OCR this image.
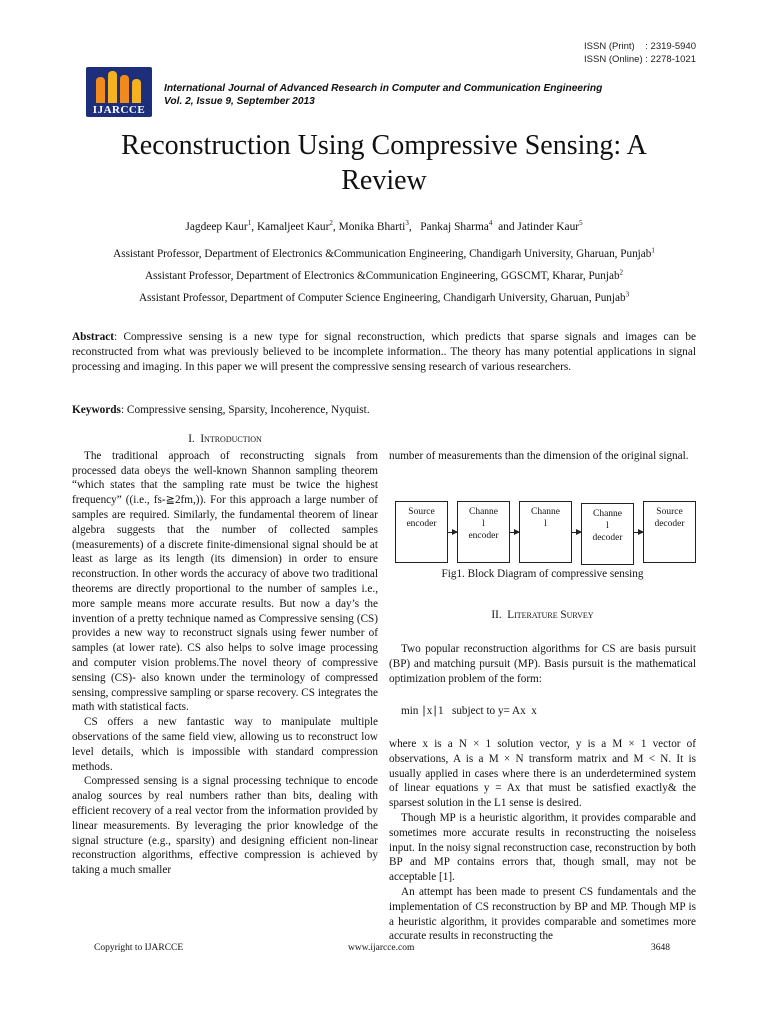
ISSN (Print) : 2319-5940
ISSN (Online) : 2278-1021
IJARCCE
International Journal of Advanced Research in Computer and Communication Engineering
Vol. 2, Issue 9, September 2013
Reconstruction Using Compressive Sensing: A
Review
Jagdeep Kaur$^1$, Kamaljeet Kaur$^2$, Monika Bharti$^3$,   Pankaj Sharma$^4$ and Jatinder Kaur$^5$
Assistant Professor, Department of Electronics &Communication Engineering, Chandigarh University, Gharuan, Punjab$^1$
Assistant Professor, Department of Electronics &Communication Engineering, GGSCMT, Kharar, Punjab$^2$
Assistant Professor, Department of Computer Science Engineering, Chandigarh University, Gharuan, Punjab$^3$
Abstract: Compressive sensing is a new type for signal reconstruction, which predicts that sparse signals and images can be reconstructed from what was previously believed to be incomplete information.. The theory has many potential applications in signal processing and imaging. In this paper we will present the compressive sensing research of various researchers.
Keywords: Compressive sensing, Sparsity, Incoherence, Nyquist.
I. Introduction

The traditional approach of reconstructing signals from processed data obeys the well-known Shannon sampling theorem “which states that the sampling rate must be twice the highest frequency” ((i.e., fs-≧2fm,)). For this approach a large number of samples are required. Similarly, the fundamental theorem of linear algebra suggests that the number of collected samples (measurements) of a discrete finite-dimensional signal should be at least as large as its length (its dimension) in order to ensure reconstruction. In other words the accuracy of above two traditional theorems are directly proportional to the number of samples i.e., more sample means more accurate results. But now a day’s the invention of a pretty technique named as Compressive sensing (CS) provides a new way to reconstruct signals using fewer number of samples (at lower rate). CS also helps to solve image processing and computer vision problems.The novel theory of compressive sensing (CS)- also known under the terminology of compressed sensing, compressive sampling or sparse recovery. CS integrates the math with statistical facts.

CS offers a new fantastic way to manipulate multiple observations of the same field view, allowing us to reconstruct low level details, which is impossible with standard compression methods.

Compressed sensing is a signal processing technique to encode analog sources by real numbers rather than bits, dealing with efficient recovery of a real vector from the information provided by linear measurements. By leveraging the prior knowledge of the signal structure (e.g., sparsity) and designing efficient non-linear reconstruction algorithms, effective compression is achieved by taking a much smaller

number of measurements than the dimension of the original signal.

Source
encoder
Channe
l
encoder
Channe
l
Channe
l
decoder
Source
decoder
Fig1. Block Diagram of compressive sensing
II. Literature Survey

Two popular reconstruction algorithms for CS are basis pursuit (BP) and matching pursuit (MP). Basis pursuit is the mathematical optimization problem of the form:

min ∣x∣1   subject to y= Ax  x

where x is a N × 1 solution vector, y is a M × 1 vector of observations, A is a M × N transform matrix and M < N. It is usually applied in cases where there is an underdetermined system of linear equations y = Ax that must be satisfied exactly& the sparsest solution in the L1 sense is desired.

Though MP is a heuristic algorithm, it provides comparable and sometimes more accurate results in reconstructing the noiseless input. In the noisy signal reconstruction case, reconstruction by both BP and MP contains errors that, though small, may not be acceptable [1].

An attempt has been made to present CS fundamentals and the implementation of CS reconstruction by BP and MP. Though MP is a heuristic algorithm, it provides comparable and sometimes more accurate results in reconstructing the

Copyright to IJARCCE	www.ijarcce.com	3648
